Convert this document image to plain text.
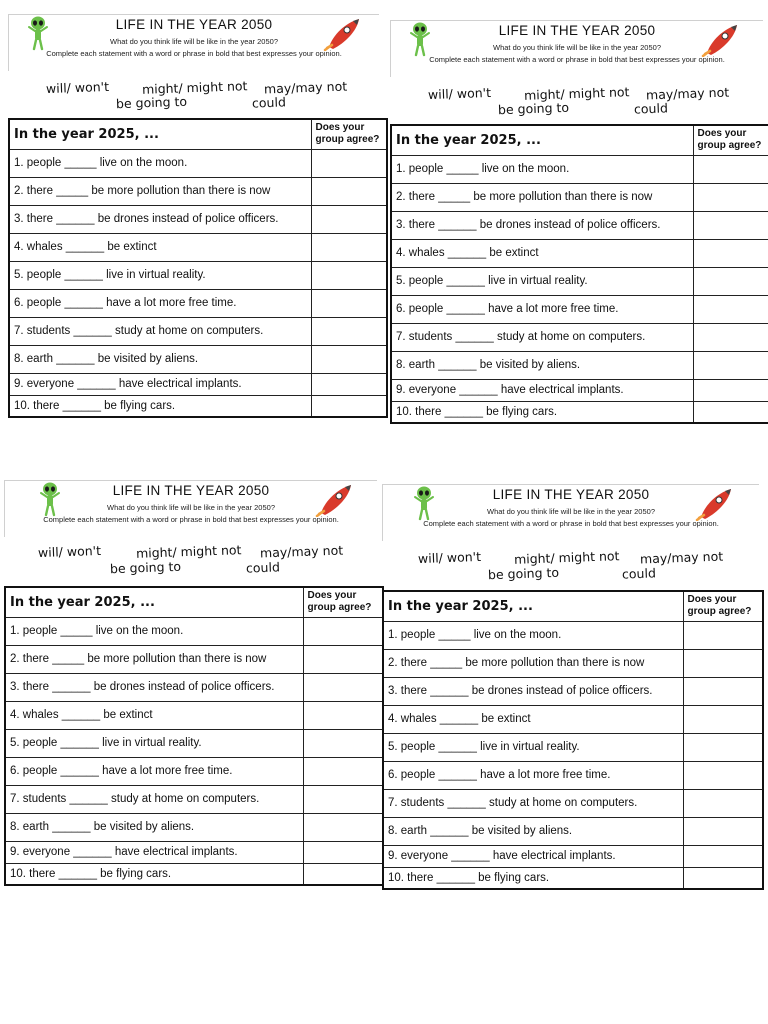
LIFE IN THE YEAR 2050
What do you think life will be like in the year 2050?
Complete each statement with a word or phrase in bold that best expresses your opinion.
will/ won't	might/ might not may/may not
be going to	could
In the year 2025, ...	Does your group agree?
1. people _____ live on the moon.	
2. there _____ be more pollution than there is now	
3. there ______ be drones instead of police officers.	
4. whales ______ be extinct	
5. people ______ live in virtual reality.	
6. people ______ have a lot more free time.	
7. students ______ study at home on computers.	
8. earth ______ be visited by aliens.	
9. everyone ______ have electrical implants.	
10. there ______ be flying cars.	
LIFE IN THE YEAR 2050
What do you think life will be like in the year 2050?
Complete each statement with a word or phrase in bold that best expresses your opinion.
will/ won't	might/ might not may/may not
be going to	could
In the year 2025, ...	Does your group agree?
1. people _____ live on the moon.	
2. there _____ be more pollution than there is now	
3. there ______ be drones instead of police officers.	
4. whales ______ be extinct	
5. people ______ live in virtual reality.	
6. people ______ have a lot more free time.	
7. students ______ study at home on computers.	
8. earth ______ be visited by aliens.	
9. everyone ______ have electrical implants.	
10. there ______ be flying cars.	
LIFE IN THE YEAR 2050
What do you think life will be like in the year 2050?
Complete each statement with a word or phrase in bold that best expresses your opinion.
will/ won't	might/ might not may/may not
be going to	could
In the year 2025, ...	Does your group agree?
1. people _____ live on the moon.	
2. there _____ be more pollution than there is now	
3. there ______ be drones instead of police officers.	
4. whales ______ be extinct	
5. people ______ live in virtual reality.	
6. people ______ have a lot more free time.	
7. students ______ study at home on computers.	
8. earth ______ be visited by aliens.	
9. everyone ______ have electrical implants.	
10. there ______ be flying cars.	
LIFE IN THE YEAR 2050
What do you think life will be like in the year 2050?
Complete each statement with a word or phrase in bold that best expresses your opinion.
will/ won't	might/ might not may/may not
be going to	could
In the year 2025, ...	Does your group agree?
1. people _____ live on the moon.	
2. there _____ be more pollution than there is now	
3. there ______ be drones instead of police officers.	
4. whales ______ be extinct	
5. people ______ live in virtual reality.	
6. people ______ have a lot more free time.	
7. students ______ study at home on computers.	
8. earth ______ be visited by aliens.	
9. everyone ______ have electrical implants.	
10. there ______ be flying cars.	
